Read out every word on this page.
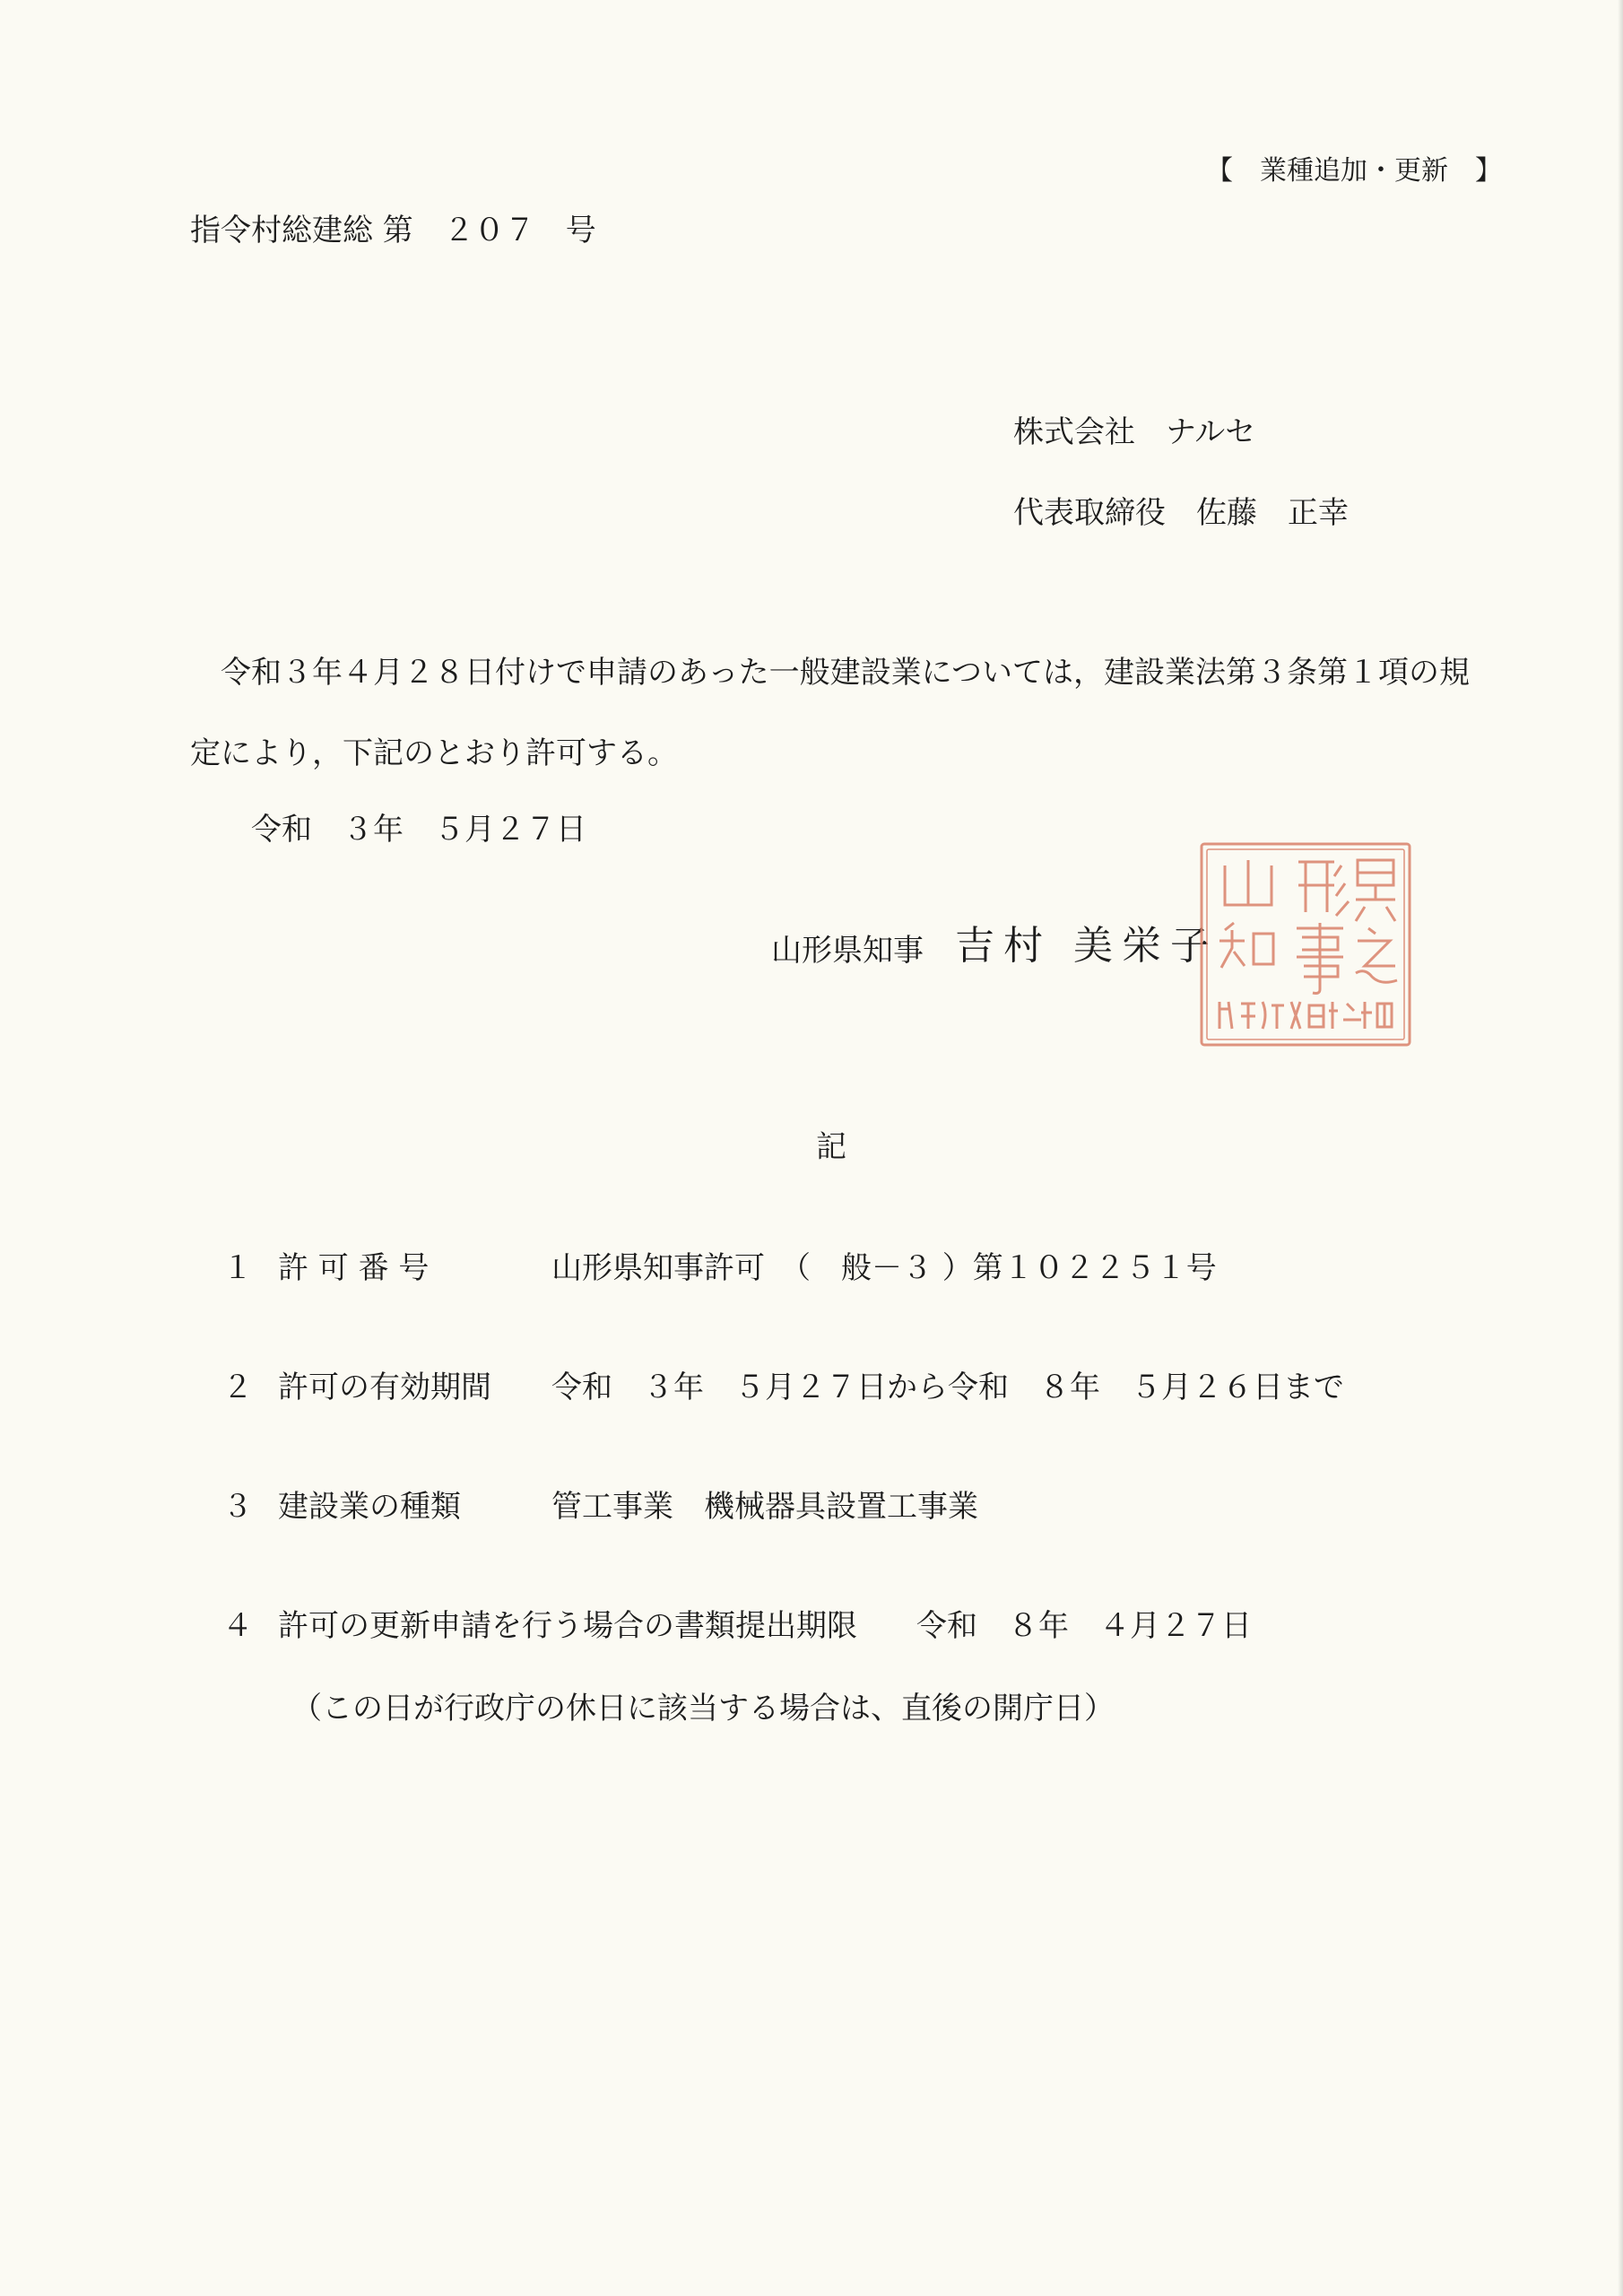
【　業種追加・更新　】
指令村総建総 第　２０７　号
株式会社　ナルセ
代表取締役　佐藤　正幸
令和３年４月２８日付けで申請のあった一般建設業については，建設業法第３条第１項の規
定により，下記のとおり許可する。
令和　３年　５月２７日
山形県知事 吉村 美栄子
記
１ 許 可 番 号	山形県知事許可　（　般－３ ）第１０２２５１号
２ 許可の有効期間 令和　３年　５月２７日から令和　８年　５月２６日まで
３ 建設業の種類	管工事業　機械器具設置工事業
４ 許可の更新申請を行う場合の書類提出期限 令和　８年　４月２７日
（この日が行政庁の休日に該当する場合は、直後の開庁日）
